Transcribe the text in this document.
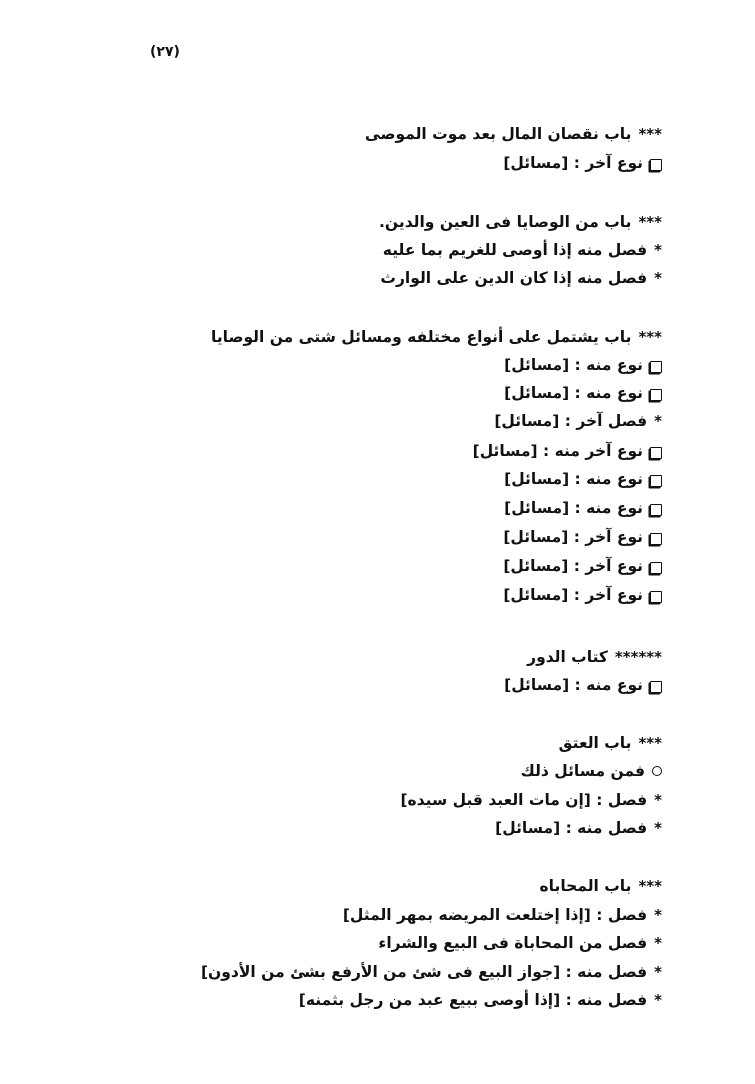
(٢٧)
***
باب نقصان المال بعد موت الموصى
نوع آخر : [مسائل]
***
باب من الوصايا فى العين والدين.
*
فصل منه إذا أوصى للغريم بما عليه
*
فصل منه إذا كان الدين على الوارث
***
باب يشتمل على أنواع مختلفه ومسائل شتى من الوصايا
نوع منه : [مسائل]
نوع منه : [مسائل]
*
فصل آخر : [مسائل]
نوع آخر منه : [مسائل]
نوع منه : [مسائل]
نوع منه : [مسائل]
نوع آخر : [مسائل]
نوع آخر : [مسائل]
نوع آخر : [مسائل]
******
كتاب الدور
نوع منه : [مسائل]
***
باب العتق
فمن مسائل ذلك
*
فصل : [إن مات العبد قبل سيده]
*
فصل منه : [مسائل]
***
باب المحاباه
*
فصل : [إذا إختلعت المريضه بمهر المثل]
*
فصل من المحاباة فى البيع والشراء
*
فصل منه : [جواز البيع فى شئ من الأرفع بشئ من الأدون]
*
فصل منه : [إذا أوصى ببيع عبد من رجل بثمنه]
